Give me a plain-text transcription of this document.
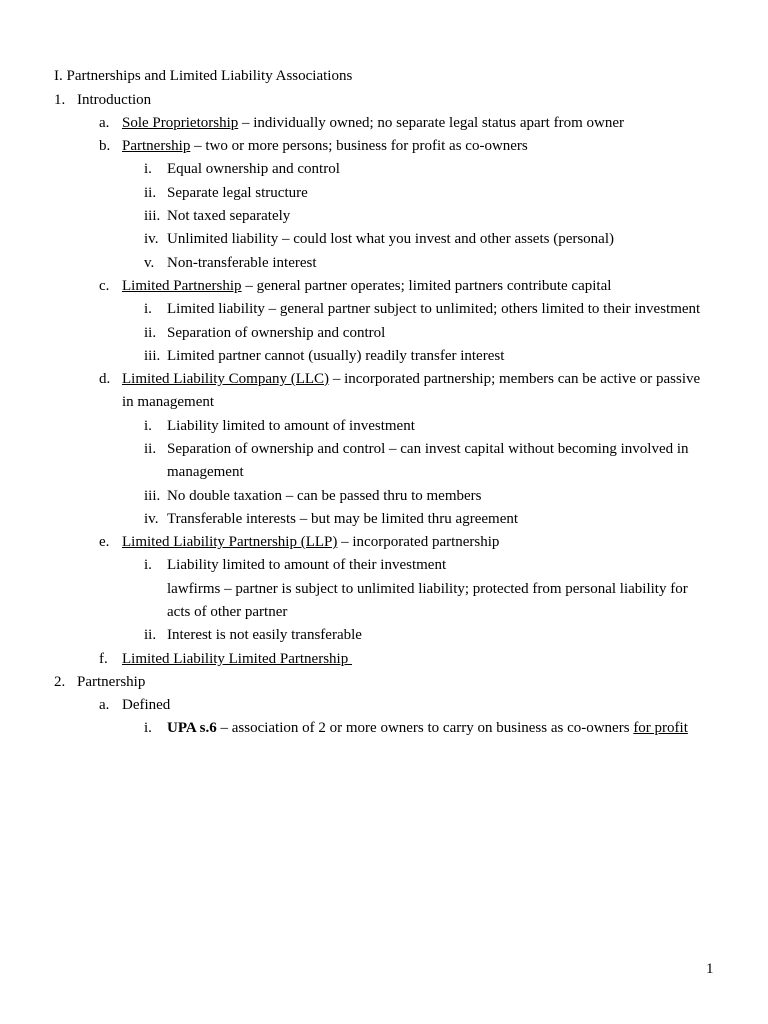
I. Partnerships and Limited Liability Associations
1. Introduction
a. Sole Proprietorship – individually owned; no separate legal status apart from owner
b. Partnership – two or more persons; business for profit as co-owners
i. Equal ownership and control
ii. Separate legal structure
iii. Not taxed separately
iv. Unlimited liability – could lost what you invest and other assets (personal)
v. Non-transferable interest
c. Limited Partnership – general partner operates; limited partners contribute capital
i. Limited liability – general partner subject to unlimited; others limited to their investment
ii. Separation of ownership and control
iii. Limited partner cannot (usually) readily transfer interest
d. Limited Liability Company (LLC) – incorporated partnership; members can be active or passive
in management
i. Liability limited to amount of investment
ii. Separation of ownership and control – can invest capital without becoming involved in
management
iii. No double taxation – can be passed thru to members
iv. Transferable interests – but may be limited thru agreement
e. Limited Liability Partnership (LLP) – incorporated partnership
i. Liability limited to amount of their investment
lawfirms – partner is subject to unlimited liability; protected from personal liability for
acts of other partner
ii. Interest is not easily transferable
f. Limited Liability Limited Partnership
2. Partnership
a. Defined
i. UPA s.6 – association of 2 or more owners to carry on business as co-owners for profit
1
